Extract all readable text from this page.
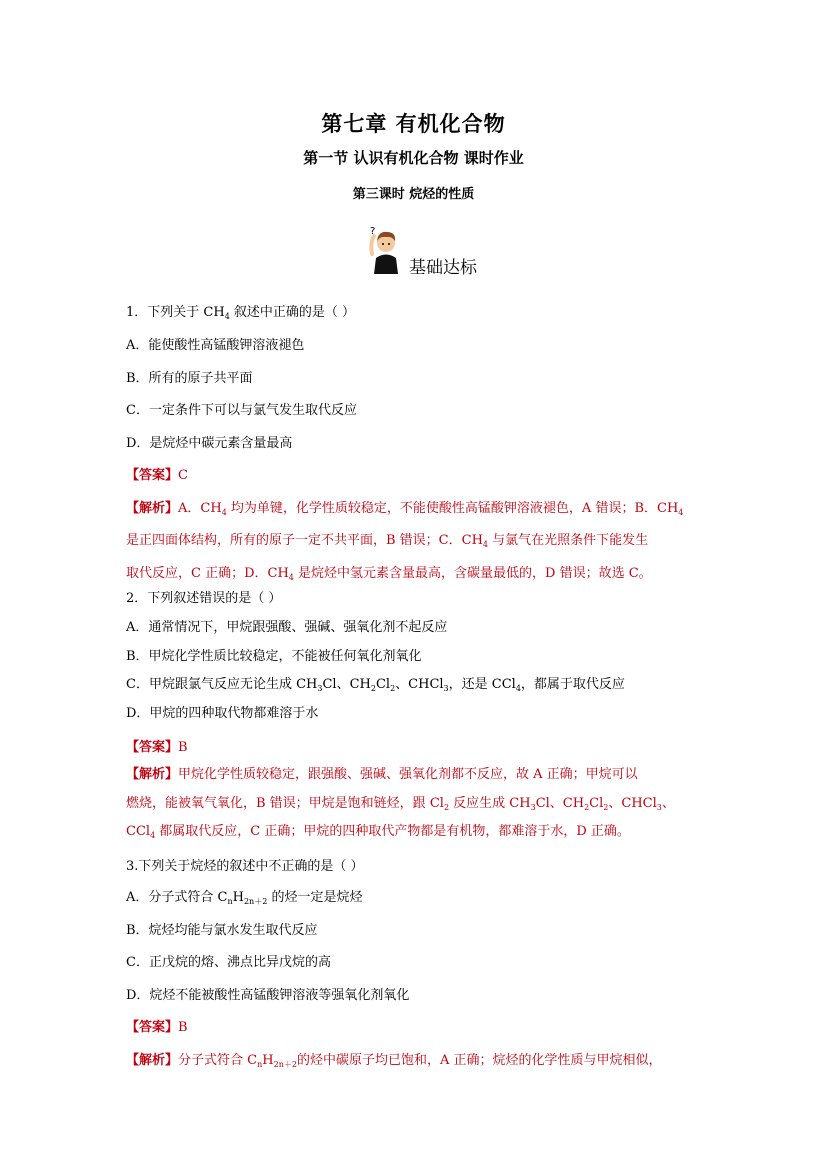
第七章 有机化合物
第一节 认识有机化合物 课时作业
第三课时 烷烃的性质
?
基础达标
1．下列关于 $CH_4$ 叙述中正确的是（ ）
A．能使酸性高锰酸钾溶液褪色
B．所有的原子共平面
C．一定条件下可以与氯气发生取代反应
D．是烷烃中碳元素含量最高
【答案】C
【解析】A．$CH_4$ 均为单键，化学性质较稳定，不能使酸性高锰酸钾溶液褪色，A 错误；B．$CH_4$
是正四面体结构，所有的原子一定不共平面，B 错误；C．$CH_4$ 与氯气在光照条件下能发生
取代反应，C 正确；D．$CH_4$ 是烷烃中氢元素含量最高，含碳量最低的，D 错误；故选 C。
2．下列叙述错误的是（ ）
A．通常情况下，甲烷跟强酸、强碱、强氧化剂不起反应
B．甲烷化学性质比较稳定，不能被任何氧化剂氧化
C．甲烷跟氯气反应无论生成 $CH_3Cl$、$CH_2Cl_2$、CHCl$_3$，还是 CCl$_4$，都属于取代反应
D．甲烷的四种取代物都难溶于水
【答案】B
【解析】甲烷化学性质较稳定，跟强酸、强碱、强氧化剂都不反应，故 A 正确；甲烷可以
燃烧，能被氧气氧化，B 错误；甲烷是饱和链烃，跟 $Cl_2$ 反应生成 $CH_3Cl$、$CH_2Cl_2$、CHCl$_3$、
CCl$_4$ 都属取代反应，C 正确；甲烷的四种取代产物都是有机物，都难溶于水，D 正确。
3.下列关于烷烃的叙述中不正确的是（ ）
A．分子式符合 $C_nH_{2n+2}$ 的烃一定是烷烃
B．烷烃均能与氯水发生取代反应
C．正戊烷的熔、沸点比异戊烷的高
D．烷烃不能被酸性高锰酸钾溶液等强氧化剂氧化
【答案】B
【解析】分子式符合 $C_nH_{2n+2}$的烃中碳原子均已饱和，A 正确；烷烃的化学性质与甲烷相似，
